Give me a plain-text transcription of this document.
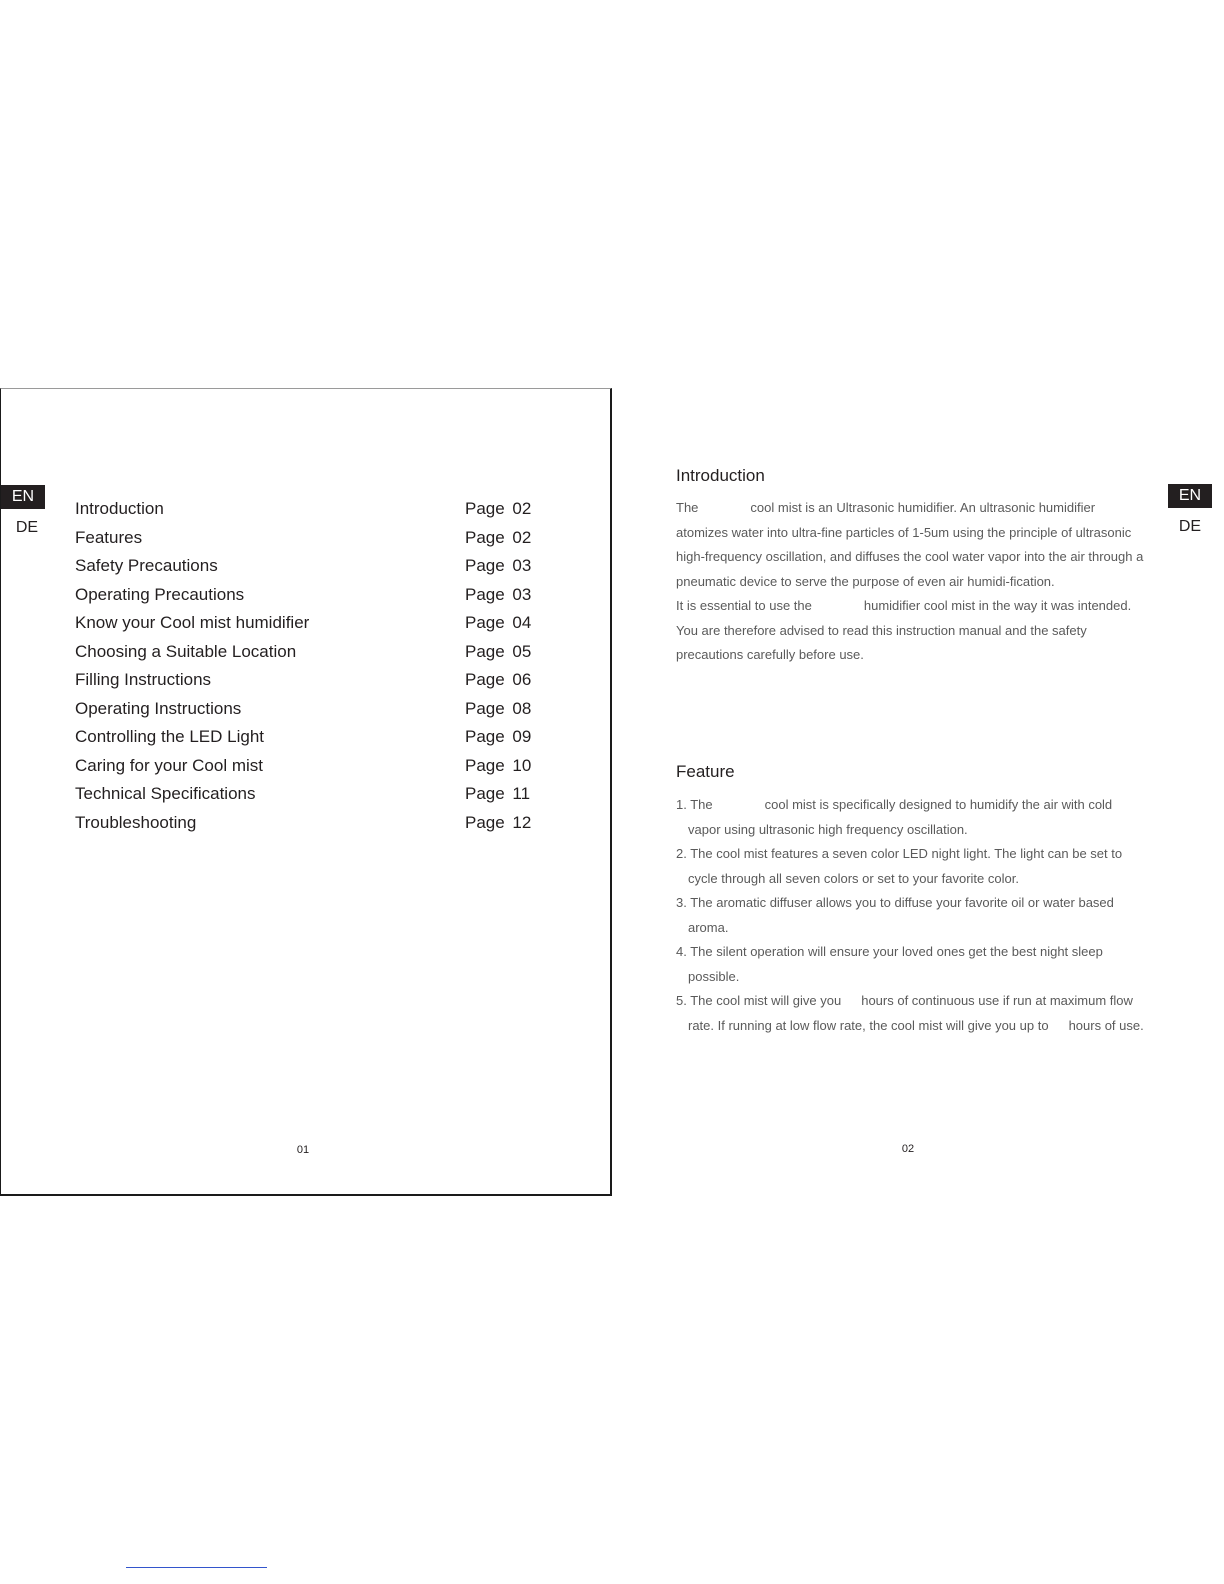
EN
DE
Introduction	Page 02
Features	Page 02
Safety Precautions	Page 03
Operating Precautions	Page 03
Know your Cool mist humidifier	Page 04
Choosing a Suitable Location	Page 05
Filling Instructions	Page 06
Operating Instructions	Page 08
Controlling the LED Light	Page 09
Caring for your Cool mist	Page 10
Technical Specifications	Page 11
Troubleshooting	Page 12
01
EN
DE
Introduction

The	cool mist is an Ultrasonic humidifier. An ultrasonic humidifier atomizes water into ultra-fine particles of 1-5um using the principle of ultrasonic high-frequency oscillation, and diffuses the cool water vapor into the air through a pneumatic device to serve the purpose of even air humidi-fication.

It is essential to use the	humidifier cool mist in the way it was intended. You are therefore advised to read this instruction manual and the safety precautions carefully before use.

Feature
1. The	cool mist is specifically designed to humidify the air with cold vapor using ultrasonic high frequency oscillation.
2. The cool mist features a seven color LED night light. The light can be set to cycle through all seven colors or set to your favorite color.
3. The aromatic diffuser allows you to diffuse your favorite oil or water based aroma.
4. The silent operation will ensure your loved ones get the best night sleep possible.
5. The cool mist will give you hours of continuous use if run at maximum flow rate. If running at low flow rate, the cool mist will give you up to hours of use.
02
